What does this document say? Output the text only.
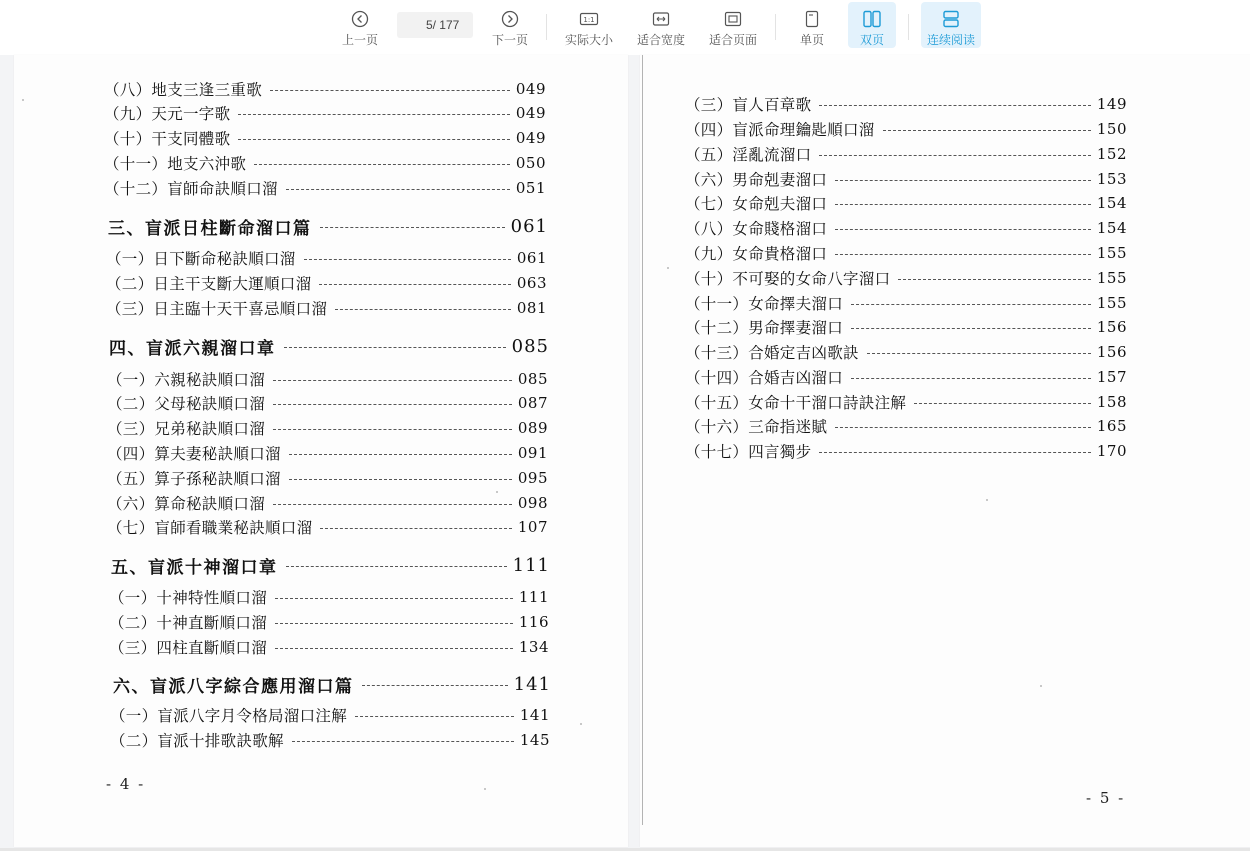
上一页
5
/ 177
下一页
1:1
实际大小 适合宽度 适合页面	单页	双页	连续阅读
（八）地支三逢三重歌	049
（九）天元一字歌	049
（十）干支同體歌	049
（十一）地支六沖歌	050
（十二）盲師命訣順口溜	051
三、盲派日柱斷命溜口篇	061
（一）日下斷命秘訣順口溜	061
（二）日主干支斷大運順口溜	063
（三）日主臨十天干喜忌順口溜	081
四、盲派六親溜口章	085
（一）六親秘訣順口溜	085
（二）父母秘訣順口溜	087
（三）兄弟秘訣順口溜	089
（四）算夫妻秘訣順口溜	091
（五）算子孫秘訣順口溜	095
（六）算命秘訣順口溜	098
（七）盲師看職業秘訣順口溜	107
五、盲派十神溜口章	111
（一）十神特性順口溜	111
（二）十神直斷順口溜	116
（三）四柱直斷順口溜	134
六、盲派八字綜合應用溜口篇	141
（一）盲派八字月令格局溜口注解	141
（二）盲派十排歌訣歌解	145
- 4 -
（三）盲人百章歌	149
（四）盲派命理鑰匙順口溜	150
（五）淫亂流溜口	152
（六）男命剋妻溜口	153
（七）女命剋夫溜口	154
（八）女命賤格溜口	154
（九）女命貴格溜口	155
（十）不可娶的女命八字溜口	155
（十一）女命擇夫溜口	155
（十二）男命擇妻溜口	156
（十三）合婚定吉凶歌訣	156
（十四）合婚吉凶溜口	157
（十五）女命十干溜口詩訣注解	158
（十六）三命指迷賦	165
（十七）四言獨步	170
- 5 -
